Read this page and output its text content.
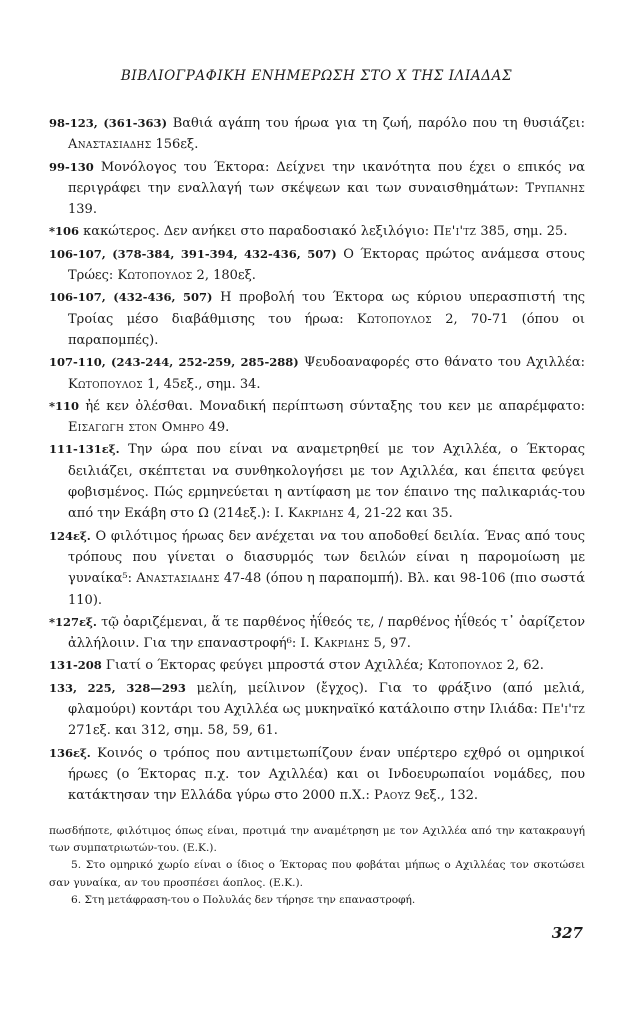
ΒΙΒΛΙΟΓΡΑΦΙΚΗ ΕΝΗΜΕΡΩΣΗ ΣΤΟ Χ ΤΗΣ ΙΛΙΑΔΑΣ

98-123, (361-363) Βαθιά αγάπη του ήρωα για τη ζωή, παρόλο που τη θυσιάζει: Αναστασιαδης 156εξ.

99-130 Μονόλογος του Έκτορα: Δείχνει την ικανότητα που έχει ο επικός να περιγράφει την εναλλαγή των σκέψεων και των συναισθημάτων: Τρυπανης 139.

*106 κακώτερος. Δεν ανήκει στο παραδοσιακό λεξιλόγιο: Πε'ι'τζ 385, σημ. 25.

106-107, (378-384, 391-394, 432-436, 507) Ο Έκτορας πρώτος ανάμεσα στους Τρώες: Κωτοπουλος 2, 180εξ.

106-107, (432-436, 507) Η προβολή του Έκτορα ως κύριου υπερασπιστή της Τροίας μέσο διαβάθμισης του ήρωα: Κωτοπουλος 2, 70-71 (όπου οι παραπομπές).

107-110, (243-244, 252-259, 285-288) Ψευδοαναφορές στο θάνατο του Αχιλλέα: Κωτοπουλος 1, 45εξ., σημ. 34.

*110 ἠέ κεν ὀλέσθαι. Μοναδική περίπτωση σύνταξης του κεν με απαρέμφατο: Εισαγωγη στον Ομηρο 49.

111-131εξ. Την ώρα που είναι να αναμετρηθεί με τον Αχιλλέα, ο Έκτορας δειλιάζει, σκέπτεται να συνθηκολογήσει με τον Αχιλλέα, και έπειτα φεύγει φοβισμένος. Πώς ερμηνεύεται η αντίφαση με τον έπαινο της παλικαριάς-του από την Εκάβη στο Ω (214εξ.): Ι. Κακριδης 4, 21-22 και 35.

124εξ. Ο φιλότιμος ήρωας δεν ανέχεται να του αποδοθεί δειλία. Ένας από τους τρόπους που γίνεται ο διασυρμός των δειλών είναι η παρομοίωση με γυναίκα⁵: Αναστασιαδης 47-48 (όπου η παραπομπή). Βλ. και 98-106 (πιο σωστά 110).

*127εξ. τῷ ὀαριζέμεναι, ἅ τε παρθένος ἠΐθεός τε, / παρθένος ἠΐθεός τ᾽ ὀαρίζετον ἀλλήλοιιν. Για την επαναστροφή⁶: Ι. Κακριδης 5, 97.

131-208 Γιατί ο Έκτορας φεύγει μπροστά στον Αχιλλέα; Κωτοπουλος 2, 62.

133, 225, 328—293 μελίη, μείλινον (ἔγχος). Για το φράξινο (από μελιά, φλαμούρι) κοντάρι του Αχιλλέα ως μυκηναϊκό κατάλοιπο στην Ιλιάδα: Πε'ι'τζ 271εξ. και 312, σημ. 58, 59, 61.

136εξ. Κοινός ο τρόπος που αντιμετωπίζουν έναν υπέρτερο εχθρό οι ομηρικοί ήρωες (ο Έκτορας π.χ. τον Αχιλλέα) και οι Ινδοευρωπαίοι νομάδες, που κατάκτησαν την Ελλάδα γύρω στο 2000 π.Χ.: Ραουζ 9εξ., 132.

πωσδήποτε, φιλότιμος όπως είναι, προτιμά την αναμέτρηση με τον Αχιλλέα από την κατακραυγή των συμπατριωτών-του. (Ε.Κ.).

5. Στο ομηρικό χωρίο είναι ο ίδιος ο Έκτορας που φοβάται μήπως ο Αχιλλέας τον σκοτώσει σαν γυναίκα, αν του προσπέσει άοπλος. (Ε.Κ.).

6. Στη μετάφραση-του ο Πολυλάς δεν τήρησε την επαναστροφή.

327
